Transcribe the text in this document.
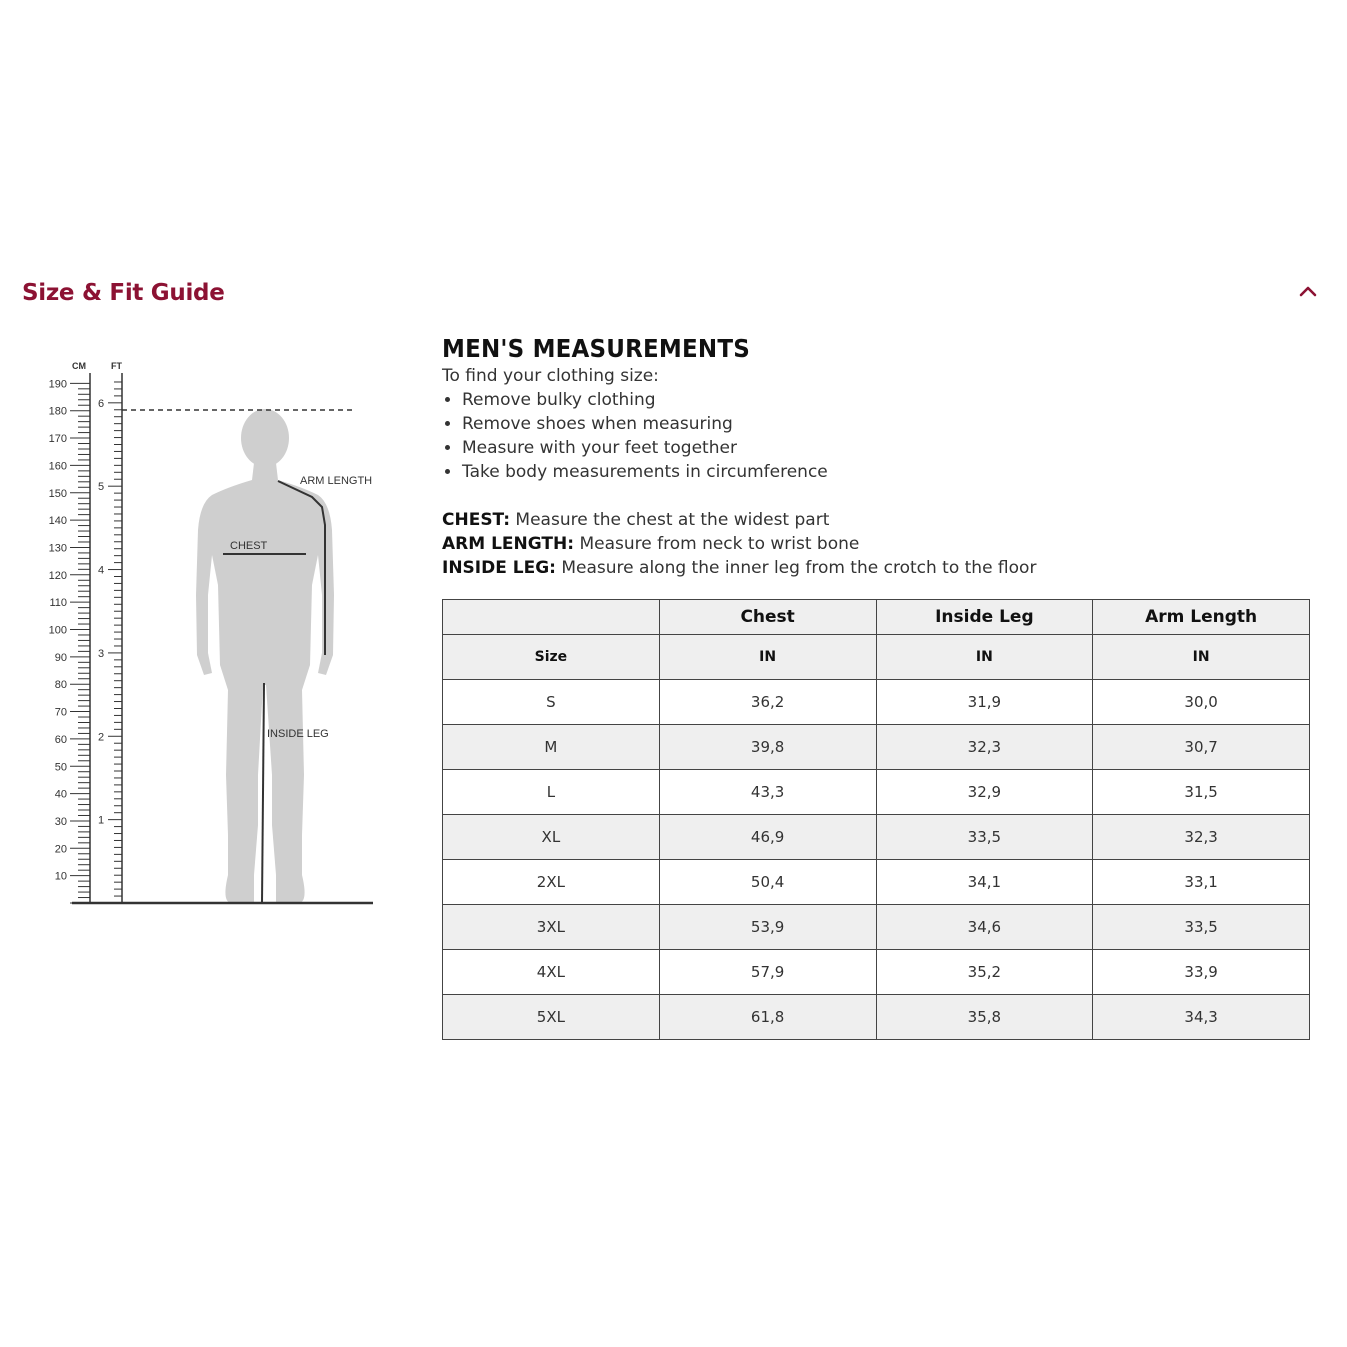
Size & Fit Guide
190
180
170
160
150
140
130
120
110
100
90
80
70
60
50
40
30
20
10
6
5
4
3
2
1
ARM LENGTH
CHEST
INSIDE LEG
CM	FT
MEN'S MEASUREMENTS

To find your clothing size:

• Remove bulky clothing
• Remove shoes when measuring
• Measure with your feet together
• Take body measurements in circumference
CHEST: Measure the chest at the widest part
ARM LENGTH: Measure from neck to wrist bone
INSIDE LEG: Measure along the inner leg from the crotch to the floor
	Chest	Inside Leg	Arm Length
Size	IN	IN	IN
S	36,2	31,9	30,0
M	39,8	32,3	30,7
L	43,3	32,9	31,5
XL	46,9	33,5	32,3
2XL	50,4	34,1	33,1
3XL	53,9	34,6	33,5
4XL	57,9	35,2	33,9
5XL	61,8	35,8	34,3
